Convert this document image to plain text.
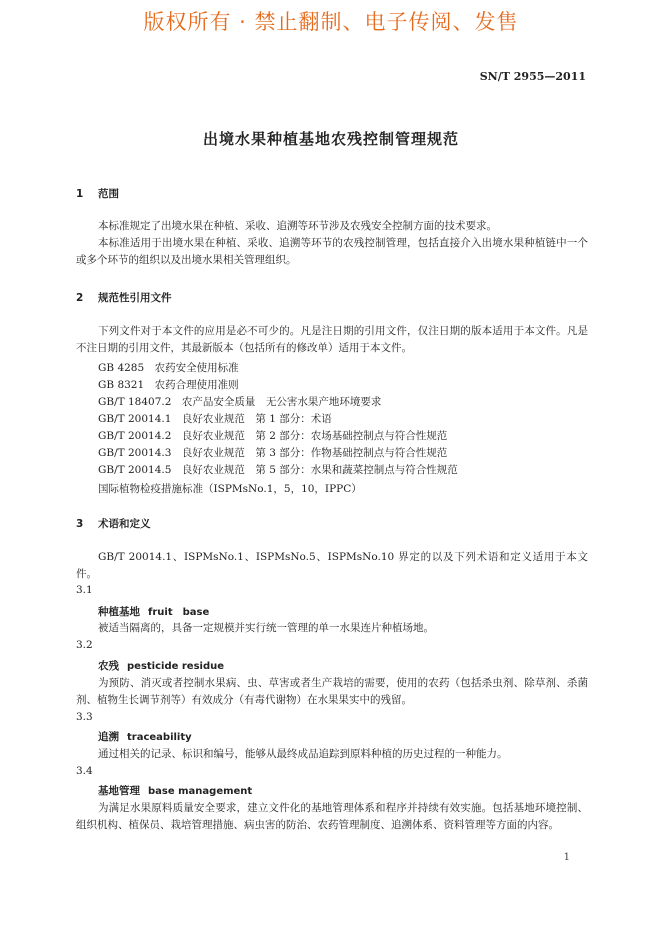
版权所有 · 禁止翻制、电子传阅、发售
SN/T 2955—2011
出境水果种植基地农残控制管理规范
1 范围
本标准规定了出境水果在种植、采收、追溯等环节涉及农残安全控制方面的技术要求。
本标准适用于出境水果在种植、采收、追溯等环节的农残控制管理，包括直接介入出境水果种植链中一个或多个环节的组织以及出境水果相关管理组织。
2 规范性引用文件
下列文件对于本文件的应用是必不可少的。凡是注日期的引用文件，仅注日期的版本适用于本文件。凡是不注日期的引用文件，其最新版本（包括所有的修改单）适用于本文件。
GB 4285　农药安全使用标准
GB 8321　农药合理使用准则
GB/T 18407.2　农产品安全质量　无公害水果产地环境要求
GB/T 20014.1　良好农业规范　第 1 部分：术语
GB/T 20014.2　良好农业规范　第 2 部分：农场基础控制点与符合性规范
GB/T 20014.3　良好农业规范　第 3 部分：作物基础控制点与符合性规范
GB/T 20014.5　良好农业规范　第 5 部分：水果和蔬菜控制点与符合性规范
国际植物检疫措施标准（ISPMsNo.1，5，10，IPPC）
3 术语和定义
GB/T 20014.1、ISPMsNo.1、ISPMsNo.5、ISPMsNo.10 界定的以及下列术语和定义适用于本文件。
3.1
种植基地 fruit　base
被适当隔离的，具备一定规模并实行统一管理的单一水果连片种植场地。
3.2
农残 pesticide residue
为预防、消灭或者控制水果病、虫、草害或者生产栽培的需要，使用的农药（包括杀虫剂、除草剂、杀菌剂、植物生长调节剂等）有效成分（有毒代谢物）在水果果实中的残留。
3.3
追溯 traceability
通过相关的记录、标识和编号，能够从最终成品追踪到原料种植的历史过程的一种能力。
3.4
基地管理 base management
为满足水果原料质量安全要求，建立文件化的基地管理体系和程序并持续有效实施。包括基地环境控制、组织机构、植保员、栽培管理措施、病虫害的防治、农药管理制度、追溯体系、资料管理等方面的内容。
1
